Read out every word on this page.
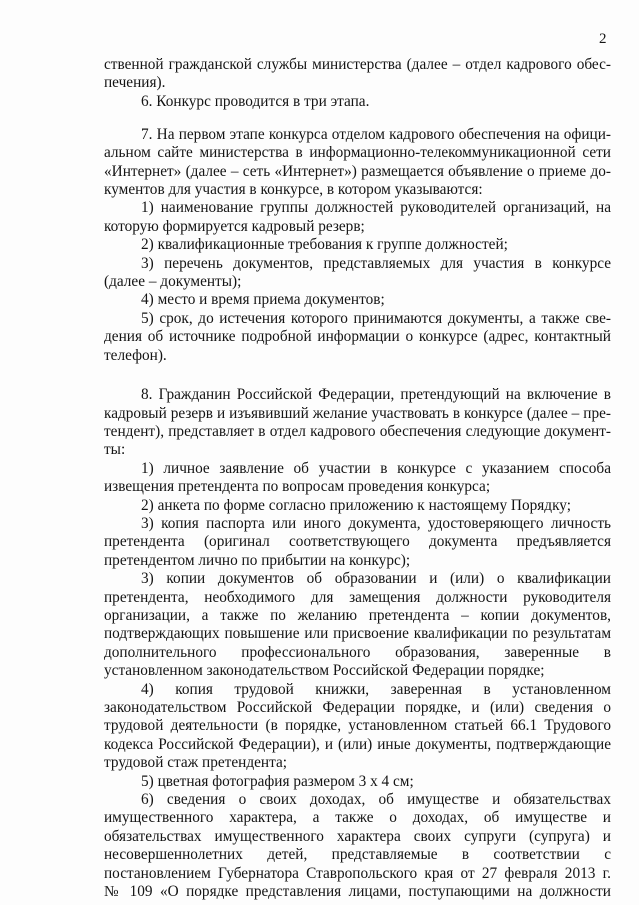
2
ственной гражданской службы министерства (далее – отдел кадрового обес-
печения).
6. Конкурс проводится в три этапа.
7. На первом этапе конкурса отделом кадрового обеспечения на офици-
альном сайте министерства в информационно-телекоммуникационной сети
«Интернет» (далее – сеть «Интернет») размещается объявление о приеме до-
кументов для участия в конкурсе, в котором указываются:
1) наименование группы должностей руководителей организаций, на
которую формируется кадровый резерв;
2) квалификационные требования к группе должностей;
3) перечень документов, представляемых для участия в конкурсе
(далее – документы);
4) место и время приема документов;
5) срок, до истечения которого принимаются документы, а также све-
дения об источнике подробной информации о конкурсе (адрес, контактный
телефон).
8. Гражданин Российской Федерации, претендующий на включение в
кадровый резерв и изъявивший желание участвовать в конкурсе (далее – пре-
тендент), представляет в отдел кадрового обеспечения следующие документ-
ты:
1) личное заявление об участии в конкурсе с указанием способа
извещения претендента по вопросам проведения конкурса;
2) анкета по форме согласно приложению к настоящему Порядку;
3) копия паспорта или иного документа, удостоверяющего личность
претендента (оригинал соответствующего документа предъявляется
претендентом лично по прибытии на конкурс);
3) копии документов об образовании и (или) о квалификации
претендента, необходимого для замещения должности руководителя
организации, а также по желанию претендента – копии документов,
подтверждающих повышение или присвоение квалификации по результатам
дополнительного профессионального образования, заверенные в
установленном законодательством Российской Федерации порядке;
4) копия трудовой книжки, заверенная в установленном
законодательством Российской Федерации порядке, и (или) сведения о
трудовой деятельности (в порядке, установленном статьей 66.1 Трудового
кодекса Российской Федерации), и (или) иные документы, подтверждающие
трудовой стаж претендента;
5) цветная фотография размером 3 х 4 см;
6) сведения о своих доходах, об имуществе и обязательствах
имущественного характера, а также о доходах, об имуществе и
обязательствах имущественного характера своих супруги (супруга) и
несовершеннолетних детей, представляемые в соответствии с
постановлением Губернатора Ставропольского края от 27 февраля 2013 г.
№ 109 «О порядке представления лицами, поступающими на должности
